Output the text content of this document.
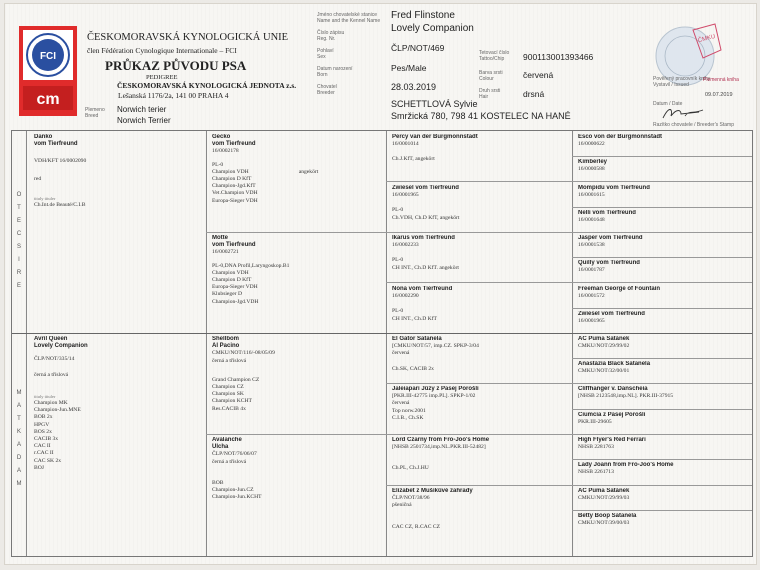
FCI
cm
ČESKOMORAVSKÁ KYNOLOGICKÁ UNIE
člen Fédération Cynologique Internationale – FCI
PRŮKAZ PŮVODU PSA
PEDIGREE
ČESKOMORAVSKÁ KYNOLOGICKÁ JEDNOTA z.s.
Lešanská 1176/2a, 141 00 PRAHA 4
Plemeno
Breed
Norwich terier
Norwich Terrier
Jméno chovatelské stanice
Name and the Kennel Name
Číslo zápisu
Reg. Nr.
Pohlaví
Sex
Datum narození
Born
Chovatel
Breeder
Fred Flinstone
Lovely Companion
ČLP/NOT/469
Pes/Male
28.03.2019
SCHETTLOVÁ Sylvie
Smržická 780, 798 41 KOSTELEC NA HANÉ
Tetovací číslo
Tattoo/Chip
Barva srsti
Colour
Druh srsti
Hair
900113001393466
červená
drsná
ČMKU
Pověřený pracovník knihy
Vystavil / Issued
Plemenná kniha
09.07.2019
Datum / Date
Razítko chovatele / Breeder's Stamp
O
T
E
C
S
I
R
E
M
A
T
K
A
D
A
M
Danko
vom Tierfreund
VDH/KFT 16/0002090
red
tituly tituler
Ch.Int.de Beauté/C.I.B
Avril Queen
Lovely Companion
ČLP/NOT/335/14
černá a tříslová
tituly tituler
Champion MK
Champion-Jun.MNE
BOB 2x
HPGV
BOS 2x
CACIB 3x
CAC II
r.CAC II
CAC SK 2x
BOJ
Gecko
vom Tierfreund
16/0002178
PL-0
Champion VDH	angekört
Champion D KfT
Champion-Jgd.KfT
Vet.Champion VDH
Europa-Sieger VDH
Motte
vom Tierfreund
16/0002721
PL-0,DNA Profil,Laryngoskop.B1
Champion VDH
Champion D KfT
Europa-Sieger VDH
Klubsieger D
Champion-Jgd.VDH
Shellbom
Al Pacino
CMKU/NOT/116/-08/05/09
černá a tříslová
Grand Champion CZ
Champion CZ
Champion SK
Champion KCHT
Res.CACIB 4x
Avalanche
Ulcha
ČLP/NOT/76/06/07
černá a tříslová
BOB
Champion-Jun.CZ
Champion-Jun.KCHT
Percy van der Burgmonnstadt
16/0001014
Ch.J.KfT, angekört
Zwiesel vom Tierfreund
16/0001965
PL-0
Ch.VDH, Ch.D KfT, angekört
Ikarus vom Tierfreund
16/0002233
PL-0
CH INT., Ch.D KfT. angekört
Nona vom Tierfreund
16/0002290
PL-0
CH INT., Ch.D KfT
El Gator Satanela
[CMKU/NOT/57, imp.CZ. SPKP-3/04
červená
Ch.SK, CACIB 2x
Jaleiapari Jůzy z Pasej Porošli
[PKR.III-42775 imp.PL]. SPKP-1/02
červená
Top norw.2001
C.I.B., Ch.SK
Lord Czarny from Fro-Joo's Home
[NHSB 2501734,imp.NL.PKR.III-52482]
Ch.PL, Ch.J.HU
Elizabet z Mušíkůvé zahrady
ČLP/NOT/38/96
pšeničná
CAC CZ, R.CAC CZ
Esco von der Burgmonnstadt
16/0000622
Kimberley
16/0000588
Mompidu vom Tierfreund
16/0001615
Nelli vom Tierfreund
16/0001648
Jasper vom Tierfreund
16/0001538
Quilly vom Tierfreund
16/0001787
Freeman George of Fountain
16/0001572
Zwiesel vom Tierfreund
16/0001965
AC Puma Satánek
CMKU/NOT/29/99/02
Anastázia Black Satanela
CMKU/NOT/32/00/01
Cliffhanger v. Danscheia
[NHSB 2123548,imp.NL]. PKR.III-37915
Ciumcia z Pasej Porošli
PKR.III-29605
High Flyer's Red Ferrari
NHSB 2281763
Lady Joann from Fro-Joo's Home
NHSB 2261713
AC Puma Satánek
CMKU/NOT/29/99/03
Betty Boop Satanela
CMKU/NOT/39/00/03
